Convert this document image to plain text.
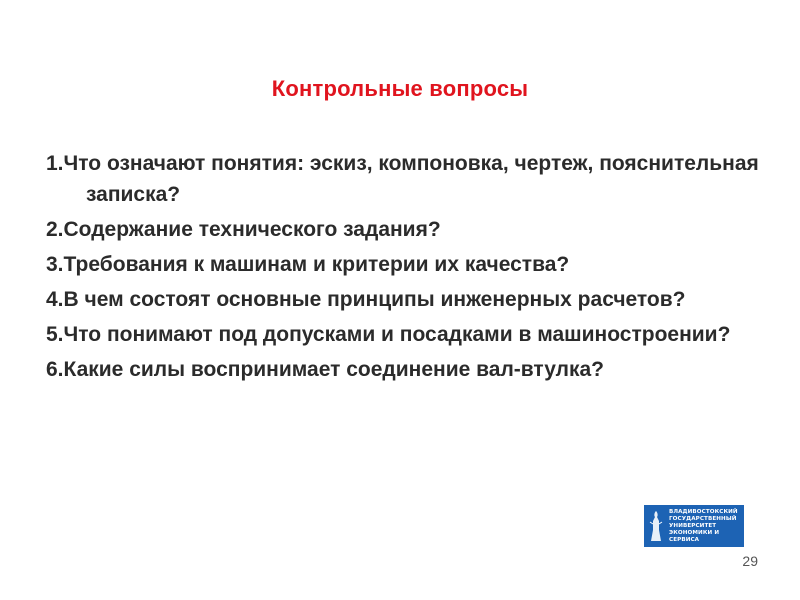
Контрольные вопросы
1.Что означают понятия: эскиз, компоновка, чертеж, пояснительная записка?
2.Содержание технического задания?
3.Требования к машинам и критерии их качества?
4.В чем состоят основные принципы инженерных расчетов?
5.Что понимают под допусками и посадками в машиностроении?
6.Какие силы воспринимает соединение вал-втулка?
ВЛАДИВОСТОКСКИЙ
ГОСУДАРСТВЕННЫЙ
УНИВЕРСИТЕТ
ЭКОНОМИКИ И
СЕРВИСА
29
